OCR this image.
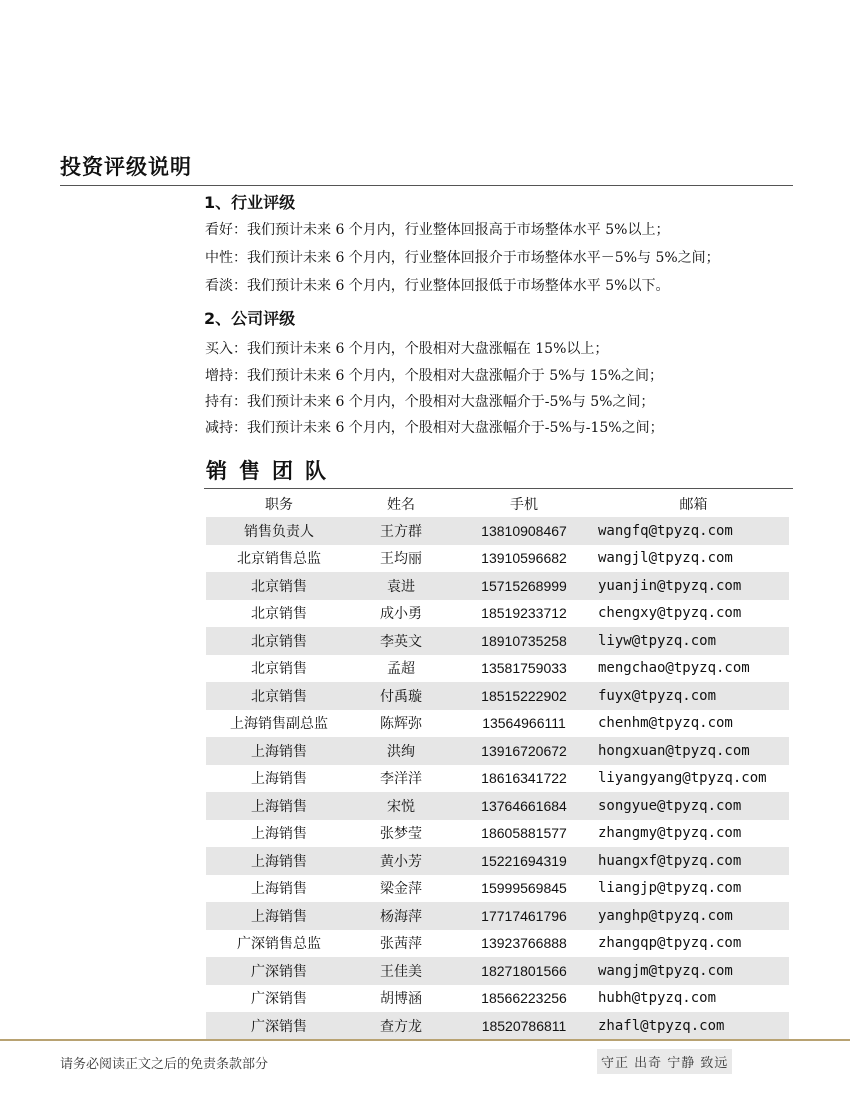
投资评级说明
1、行业评级

看好：我们预计未来 6 个月内，行业整体回报高于市场整体水平 5%以上；

中性：我们预计未来 6 个月内，行业整体回报介于市场整体水平－5%与 5%之间；

看淡：我们预计未来 6 个月内，行业整体回报低于市场整体水平 5%以下。

2、公司评级

买入：我们预计未来 6 个月内，个股相对大盘涨幅在 15%以上；

增持：我们预计未来 6 个月内，个股相对大盘涨幅介于 5%与 15%之间；

持有：我们预计未来 6 个月内，个股相对大盘涨幅介于-5%与 5%之间；

减持：我们预计未来 6 个月内，个股相对大盘涨幅介于-5%与-15%之间；

销售团队
职务	姓名	手机	邮箱
销售负责人	王方群	13810908467	wangfq@tpyzq.com
北京销售总监	王均丽	13910596682	wangjl@tpyzq.com
北京销售	袁进	15715268999	yuanjin@tpyzq.com
北京销售	成小勇	18519233712	chengxy@tpyzq.com
北京销售	李英文	18910735258	liyw@tpyzq.com
北京销售	孟超	13581759033	mengchao@tpyzq.com
北京销售	付禹璇	18515222902	fuyx@tpyzq.com
上海销售副总监	陈辉弥	13564966111	chenhm@tpyzq.com
上海销售	洪绚	13916720672	hongxuan@tpyzq.com
上海销售	李洋洋	18616341722	liyangyang@tpyzq.com
上海销售	宋悦	13764661684	songyue@tpyzq.com
上海销售	张梦莹	18605881577	zhangmy@tpyzq.com
上海销售	黄小芳	15221694319	huangxf@tpyzq.com
上海销售	梁金萍	15999569845	liangjp@tpyzq.com
上海销售	杨海萍	17717461796	yanghp@tpyzq.com
广深销售总监	张茜萍	13923766888	zhangqp@tpyzq.com
广深销售	王佳美	18271801566	wangjm@tpyzq.com
广深销售	胡博涵	18566223256	hubh@tpyzq.com
广深销售	查方龙	18520786811	zhafl@tpyzq.com

请务必阅读正文之后的免责条款部分	守正 出奇 宁静 致远
